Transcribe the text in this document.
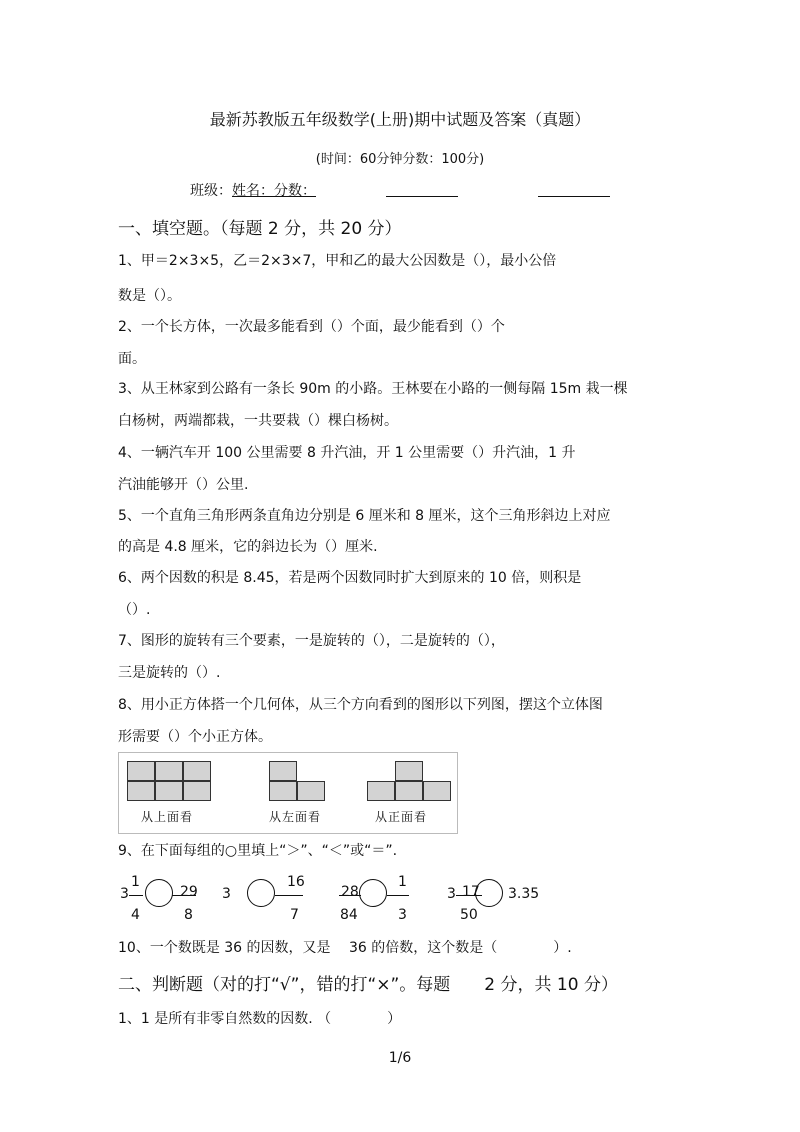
最新苏教版五年级数学(上册)期中试题及答案（真题）
(时间：60分钟分数：100分)
班级：姓名：分数：
一、填空题。（每题 2 分，共 20 分）
1、甲＝2×3×5，乙＝2×3×7，甲和乙的最大公因数是（），最小公倍
数是（）。
2、一个长方体，一次最多能看到（）个面，最少能看到（）个
面。
3、从王林家到公路有一条长 90m 的小路。王林要在小路的一侧每隔 15m 栽一棵
白杨树，两端都栽，一共要栽（）棵白杨树。
4、一辆汽车开 100 公里需要 8 升汽油，开 1 公里需要（）升汽油，1 升
汽油能够开（）公里.
5、一个直角三角形两条直角边分别是 6 厘米和 8 厘米，这个三角形斜边上对应
的高是 4.8 厘米，它的斜边长为（）厘米.
6、两个因数的积是 8.45，若是两个因数同时扩大到原来的 10 倍，则积是
（）.
7、图形的旋转有三个要素，一是旋转的（），二是旋转的（），
三是旋转的（）.
8、用小正方体搭一个几何体，从三个方向看到的图形以下列图，摆这个立体图
形需要（）个小正方体。
从上面看	从左面看	从正面看
9、在下面每组的○里填上“＞”、“＜”或“＝”.
1
3
4
29
8
3
16
7
28
84
1
3
3 17
50
3.35
10、一个数既是 36 的因数，又是　 36 的倍数，这个数是（　　　　）.
二、判断题（对的打“√”，错的打“×”。每题　　2 分，共 10 分）
1、1 是所有非零自然数的因数. （　　　　）
1/6
